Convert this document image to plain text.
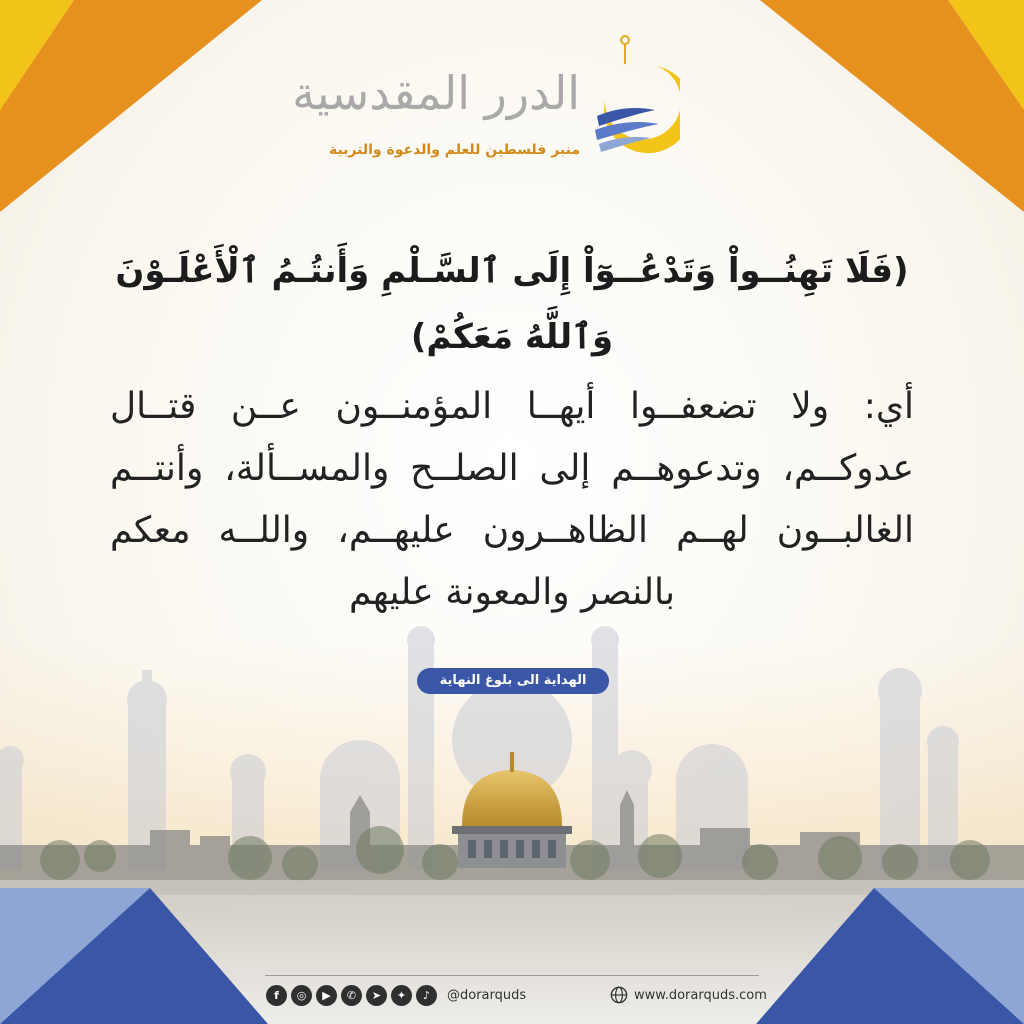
الدرر المقدسية
منبر فلسطين للعلم والدعوة والتربية
(فَلَا تَهِنُــواْ وَتَدْعُــوٓاْ إِلَى ٱلسَّـلْمِ وَأَنتُـمُ ٱلْأَعْلَـوْنَ وَٱللَّهُ مَعَكُمْ)
أي: ولا تضعفــوا أيهــا المؤمنــون عــن قتــال عدوكــم، وتدعوهــم إلى الصلــح والمســألة، وأنتــم الغالبــون لهــم الظاهــرون عليهــم، واللــه معكم بالنصر والمعونة عليهم
الهداية الى بلوغ النهاية
f	◎	▶	✆	➤	✦	♪	@dorarquds	www.dorarquds.com
